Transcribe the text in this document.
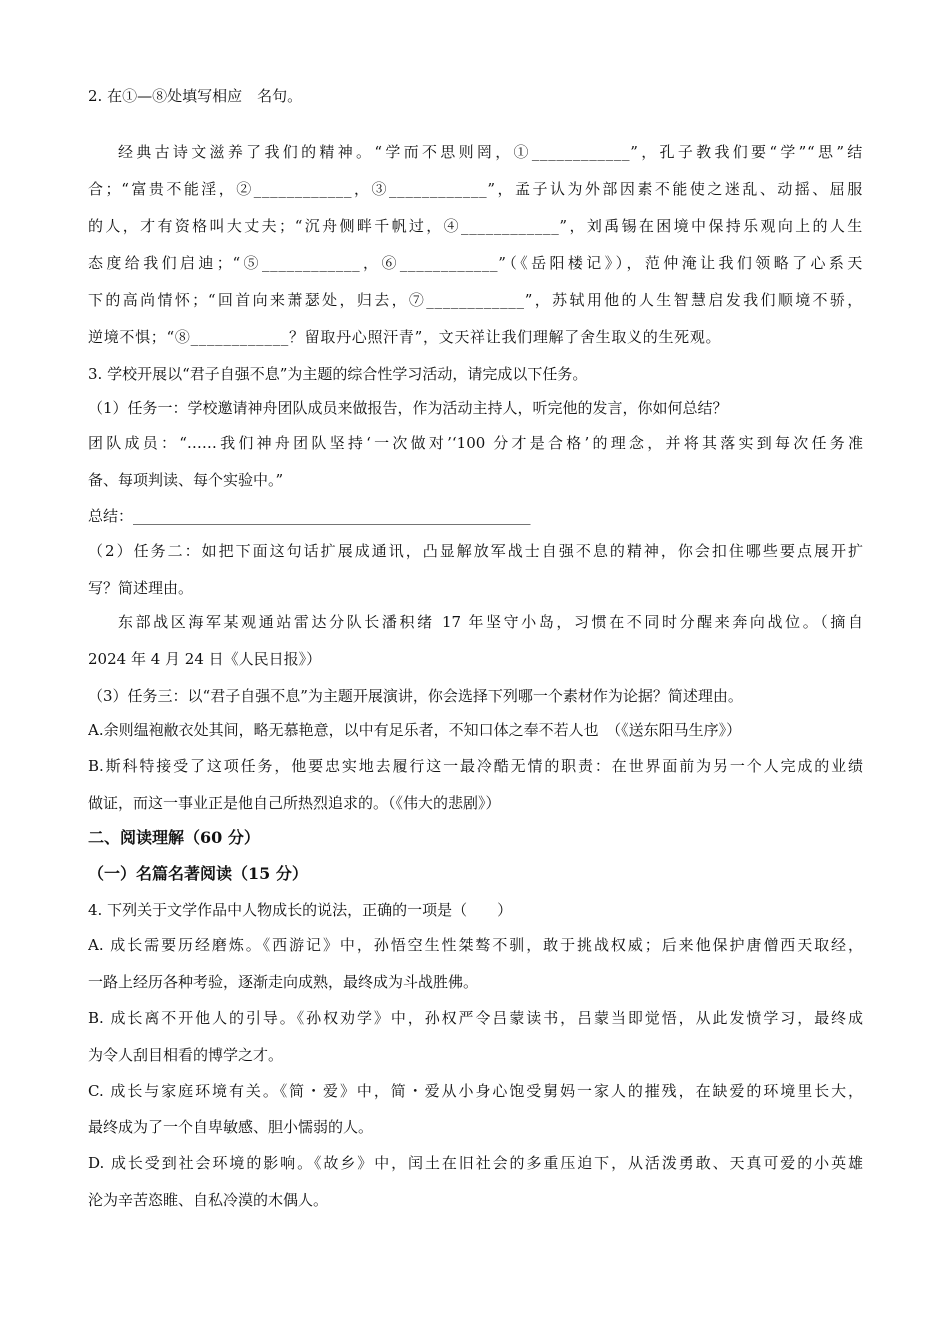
2. 在①—⑧处填写相应　名句。
经典古诗文滋养了我们的精神。“学而不思则罔，①____________”，孔子教我们要“学”“思”结
合；“富贵不能淫，②____________，③____________”，孟子认为外部因素不能使之迷乱、动摇、屈服
的人，才有资格叫大丈夫；“沉舟侧畔千帆过，④____________”，刘禹锡在困境中保持乐观向上的人生
态度给我们启迪；“⑤____________，⑥____________”（《岳阳楼记》），范仲淹让我们领略了心系天
下的高尚情怀；“回首向来萧瑟处，归去，⑦____________”，苏轼用他的人生智慧启发我们顺境不骄，
逆境不惧；“⑧____________？留取丹心照汗青”，文天祥让我们理解了舍生取义的生死观。
3. 学校开展以“君子自强不息”为主题的综合性学习活动，请完成以下任务。
（1）任务一：学校邀请神舟团队成员来做报告，作为活动主持人，听完他的发言，你如何总结？
团队成员：“……我们神舟团队坚持‘一次做对’‘100 分才是合格’的理念，并将其落实到每次任务准
备、每项判读、每个实验中。”
总结：_____________________________________________________
（2）任务二：如把下面这句话扩展成通讯，凸显解放军战士自强不息的精神，你会扣住哪些要点展开扩
写？简述理由。
东部战区海军某观通站雷达分队长潘积绪 17 年坚守小岛，习惯在不同时分醒来奔向战位。（摘自
2024 年 4 月 24 日《人民日报》）
（3）任务三：以“君子自强不息”为主题开展演讲，你会选择下列哪一个素材作为论据？简述理由。
A.余则缊袍敝衣处其间，略无慕艳意，以中有足乐者，不知口体之奉不若人也　（《送东阳马生序》）
B.斯科特接受了这项任务，他要忠实地去履行这一最冷酷无情的职责：在世界面前为另一个人完成的业绩
做证，而这一事业正是他自己所热烈追求的。（《伟大的悲剧》）
二、阅读理解（60 分）
（一）名篇名著阅读（15 分）
4. 下列关于文学作品中人物成长的说法，正确的一项是（　　）
A. 成长需要历经磨炼。《西游记》中，孙悟空生性桀骜不驯，敢于挑战权威；后来他保护唐僧西天取经，
一路上经历各种考验，逐渐走向成熟，最终成为斗战胜佛。
B. 成长离不开他人的引导。《孙权劝学》中，孙权严令吕蒙读书，吕蒙当即觉悟，从此发愤学习，最终成
为令人刮目相看的博学之才。
C. 成长与家庭环境有关。《简・爱》中，简・爱从小身心饱受舅妈一家人的摧残，在缺爱的环境里长大，
最终成为了一个自卑敏感、胆小懦弱的人。
D. 成长受到社会环境的影响。《故乡》中，闰土在旧社会的多重压迫下，从活泼勇敢、天真可爱的小英雄
沦为辛苦恣睢、自私冷漠的木偶人。
